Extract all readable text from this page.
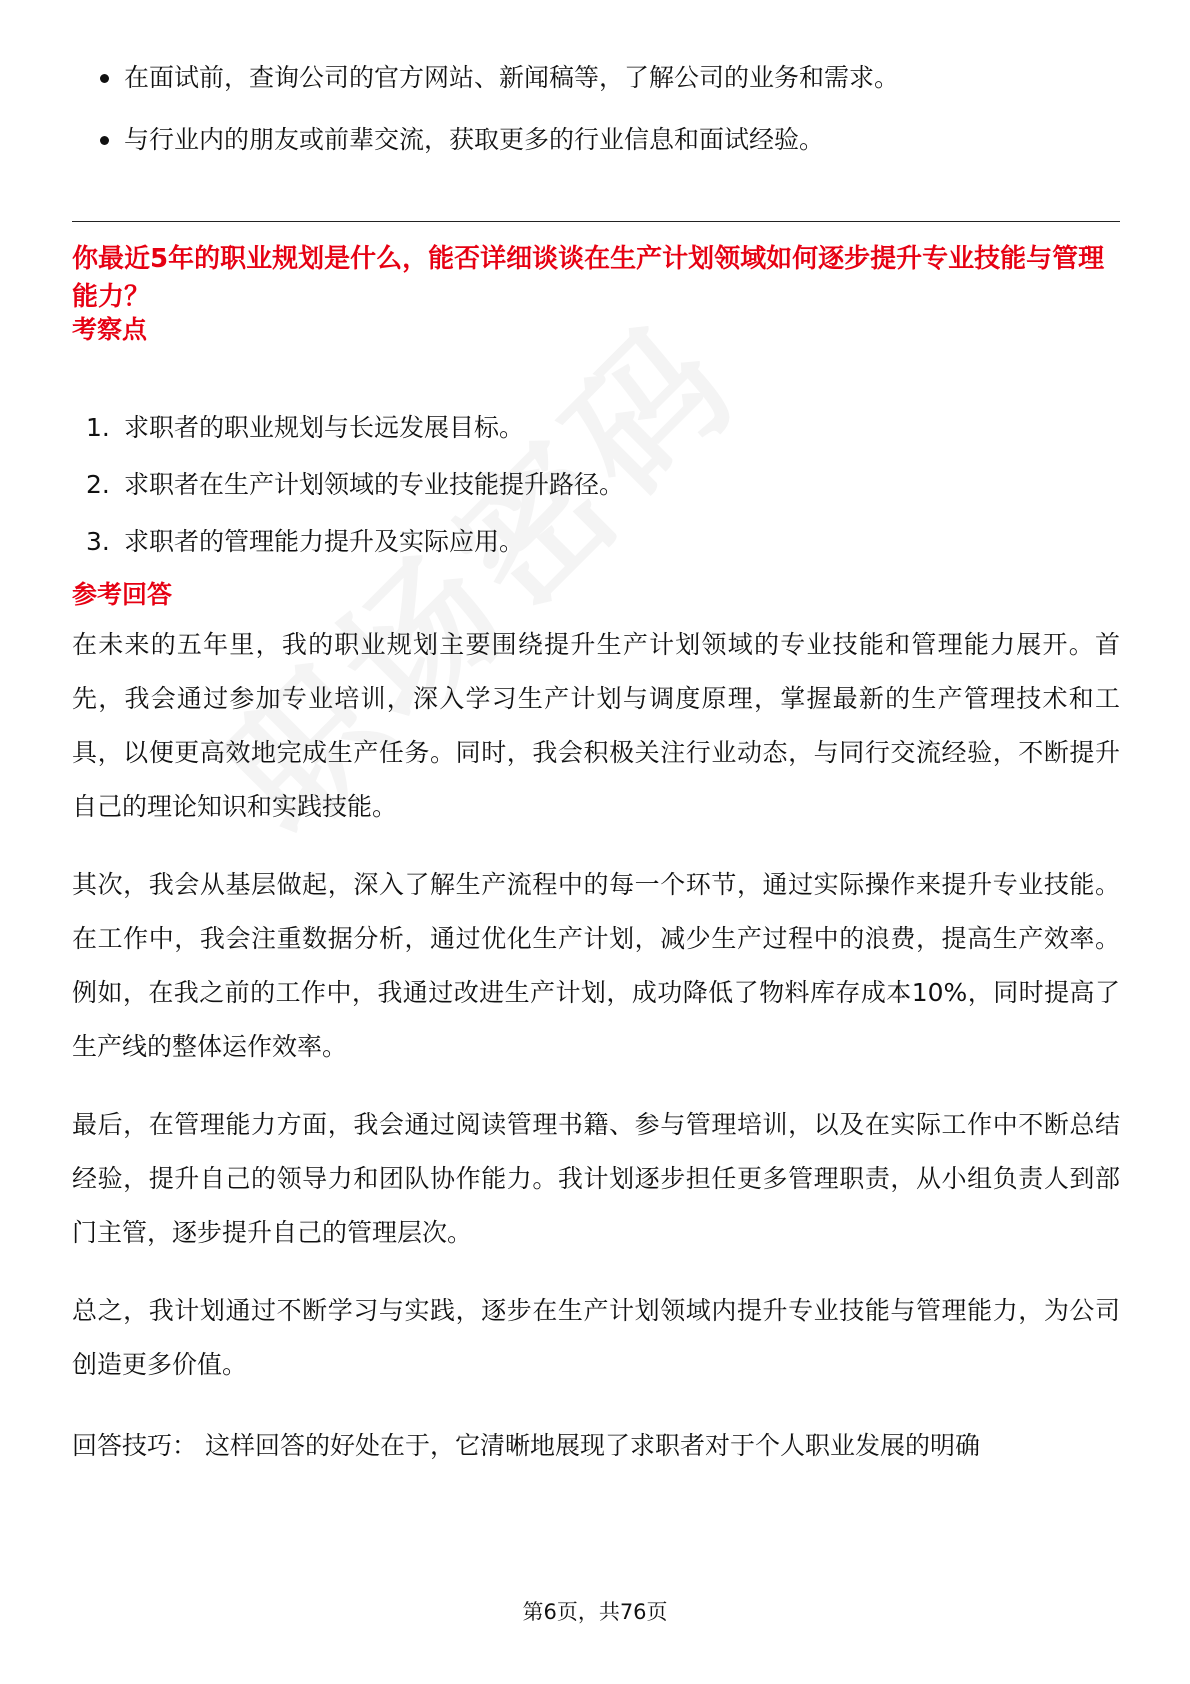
在面试前，查询公司的官方网站、新闻稿等，了解公司的业务和需求。
与行业内的朋友或前辈交流，获取更多的行业信息和面试经验。
你最近5年的职业规划是什么，能否详细谈谈在生产计划领域如何逐步提升专业技能与管理能力？
考察点
1. 求职者的职业规划与长远发展目标。
2. 求职者在生产计划领域的专业技能提升路径。
3. 求职者的管理能力提升及实际应用。
参考回答

在未来的五年里，我的职业规划主要围绕提升生产计划领域的专业技能和管理能力展开。首先，我会通过参加专业培训，深入学习生产计划与调度原理，掌握最新的生产管理技术和工具，以便更高效地完成生产任务。同时，我会积极关注行业动态，与同行交流经验，不断提升自己的理论知识和实践技能。

其次，我会从基层做起，深入了解生产流程中的每一个环节，通过实际操作来提升专业技能。在工作中，我会注重数据分析，通过优化生产计划，减少生产过程中的浪费，提高生产效率。例如，在我之前的工作中，我通过改进生产计划，成功降低了物料库存成本10%，同时提高了生产线的整体运作效率。

最后，在管理能力方面，我会通过阅读管理书籍、参与管理培训，以及在实际工作中不断总结经验，提升自己的领导力和团队协作能力。我计划逐步担任更多管理职责，从小组负责人到部门主管，逐步提升自己的管理层次。

总之，我计划通过不断学习与实践，逐步在生产计划领域内提升专业技能与管理能力，为公司创造更多价值。

回答技巧： 这样回答的好处在于，它清晰地展现了求职者对于个人职业发展的明确

第6页，共76页
